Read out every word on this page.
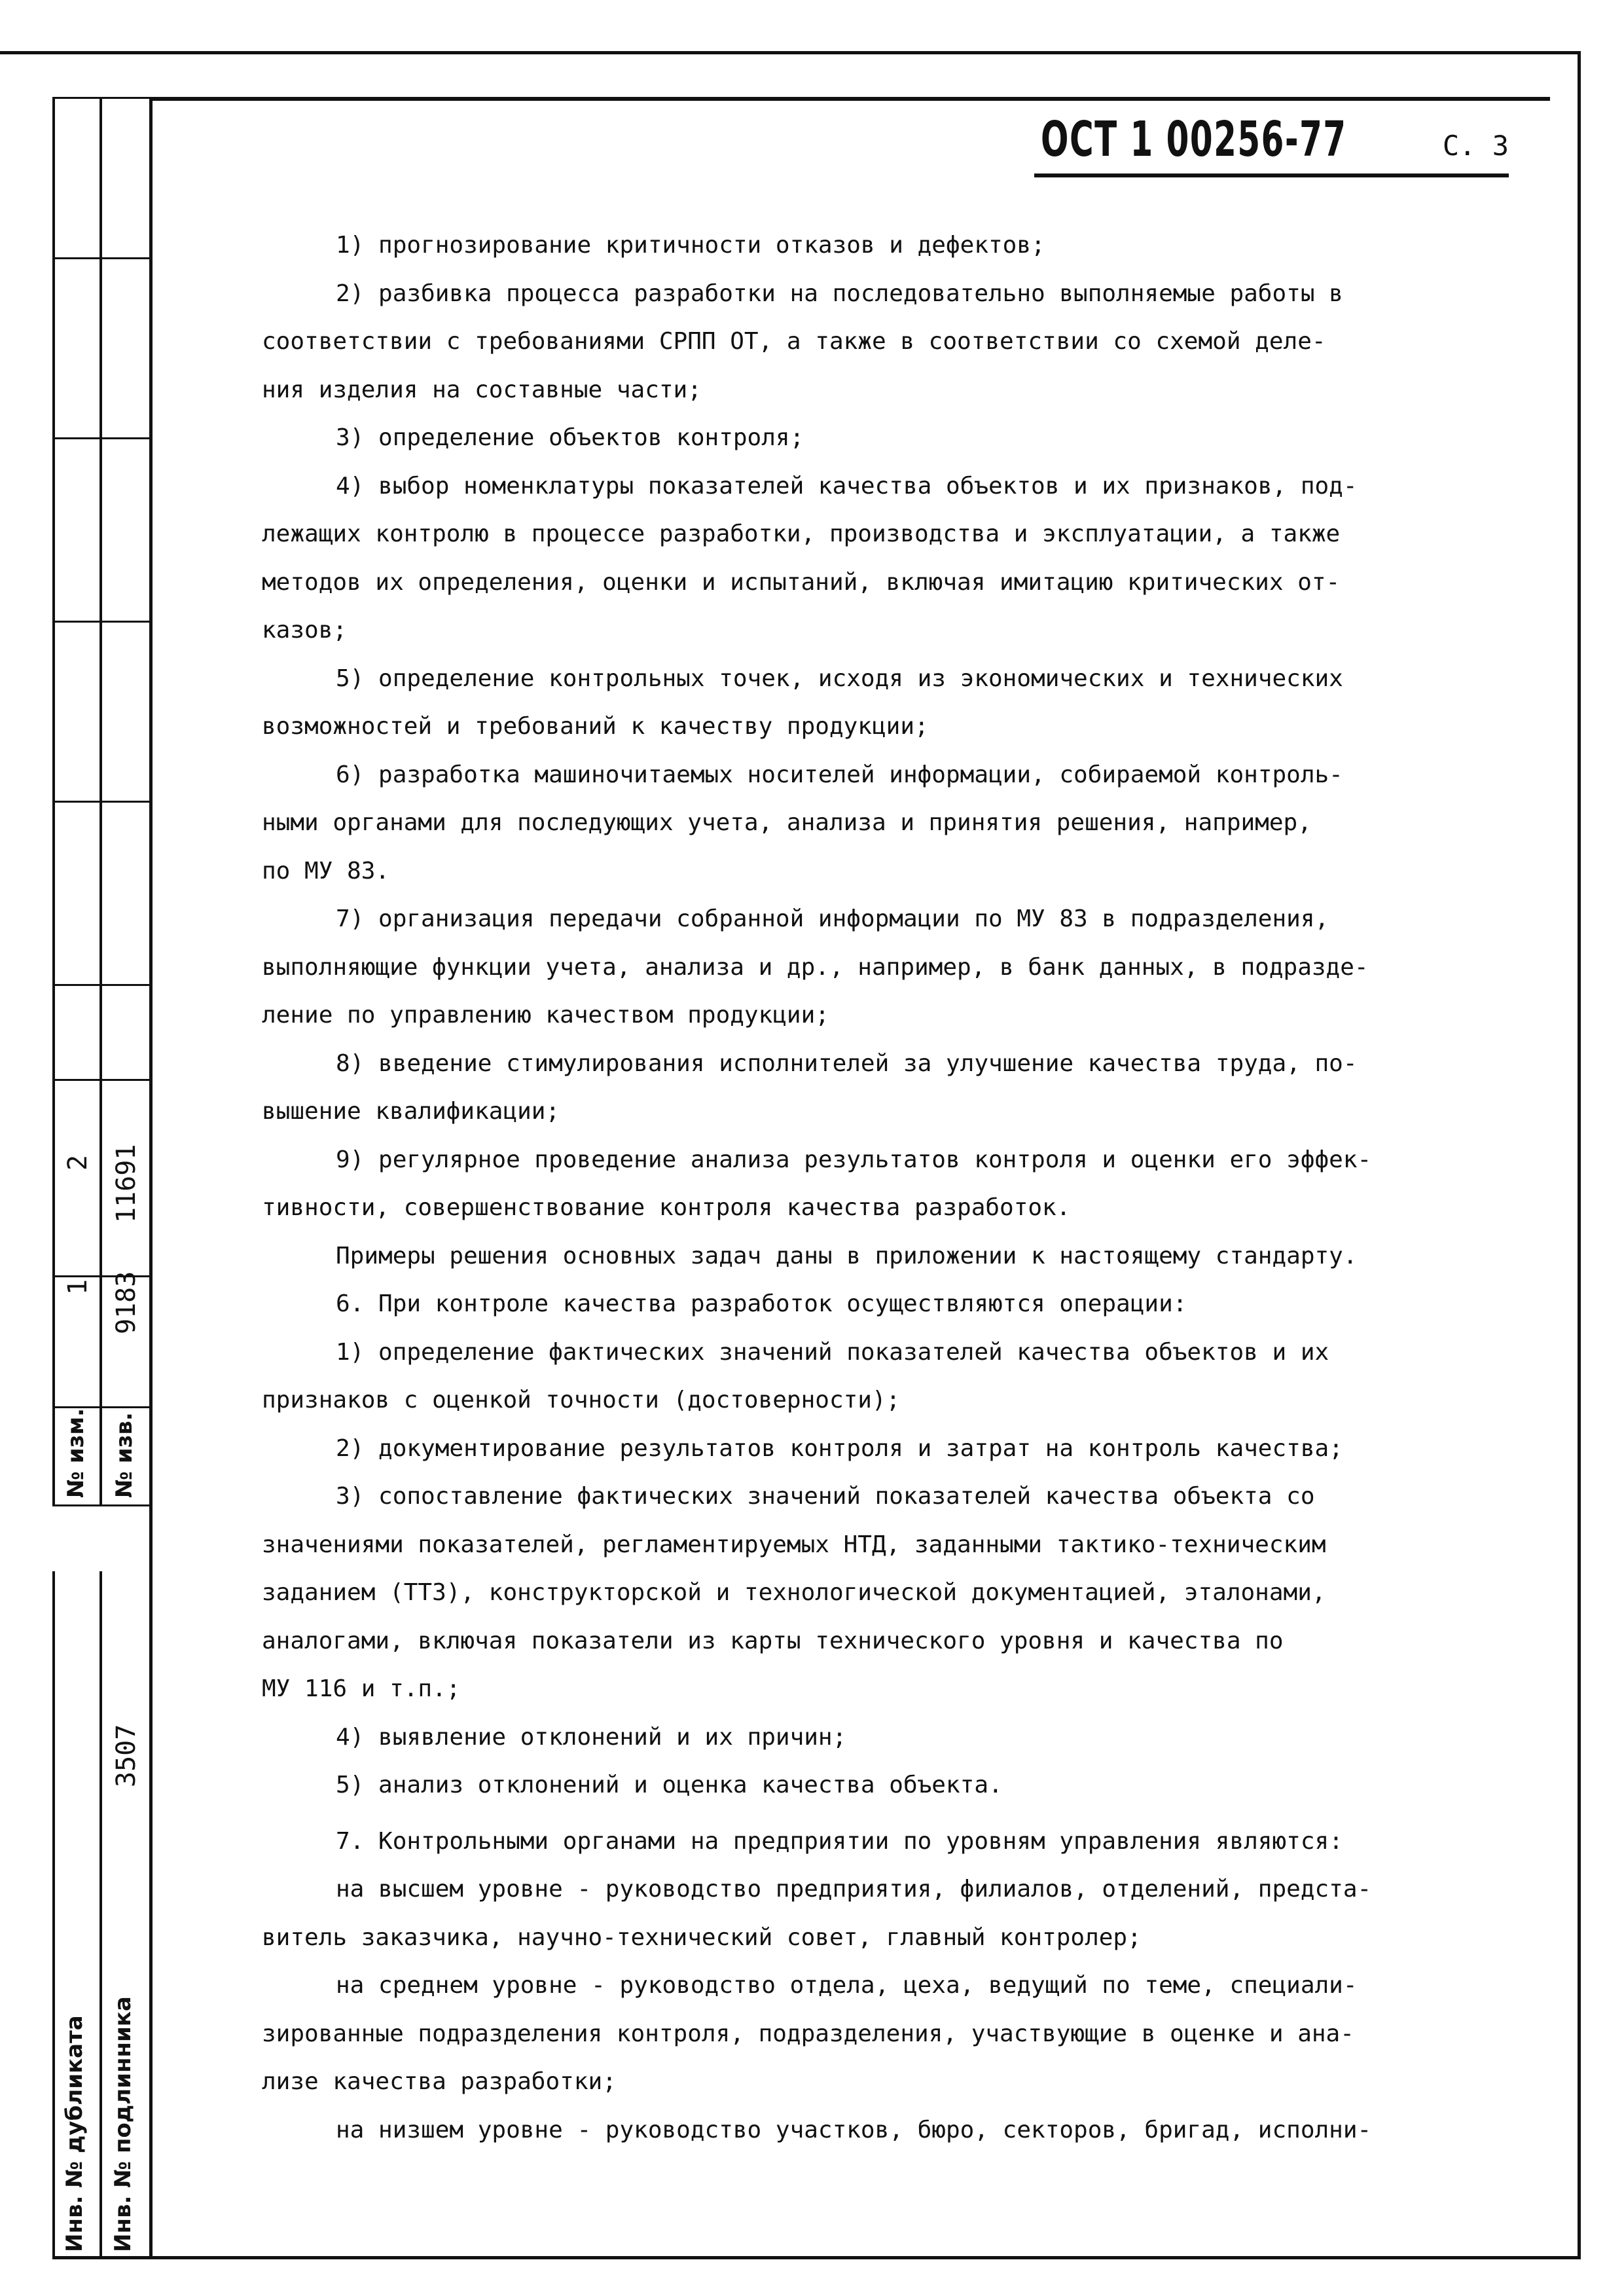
№ изм. № изв.
1 9183
2 11691
Инв. № дубликата Инв. № подлинника
3507
ОСТ 1 00256-77	С. 3

1) прогнозирование критичности отказов и дефектов;

2) разбивка процесса разработки на последовательно выполняемые работы в

соответствии с требованиями СРПП ОТ, а также в соответствии со схемой деле-

ния изделия на составные части;

3) определение объектов контроля;

4) выбор номенклатуры показателей качества объектов и их признаков, под-

лежащих контролю в процессе разработки, производства и эксплуатации, а также

методов их определения, оценки и испытаний, включая имитацию критических от-

казов;

5) определение контрольных точек, исходя из экономических и технических

возможностей и требований к качеству продукции;

6) разработка машиночитаемых носителей информации, собираемой контроль-

ными органами для последующих учета, анализа и принятия решения, например,

по МУ 83.

7) организация передачи собранной информации по МУ 83 в подразделения,

выполняющие функции учета, анализа и др., например, в банк данных, в подразде-

ление по управлению качеством продукции;

8) введение стимулирования исполнителей за улучшение качества труда, по-

вышение квалификации;

9) регулярное проведение анализа результатов контроля и оценки его эффек-

тивности, совершенствование контроля качества разработок.

Примеры решения основных задач даны в приложении к настоящему стандарту.

6. При контроле качества разработок осуществляются операции:

1) определение фактических значений показателей качества объектов и их

признаков с оценкой точности (достоверности);

2) документирование результатов контроля и затрат на контроль качества;

3) сопоставление фактических значений показателей качества объекта со

значениями показателей, регламентируемых НТД, заданными тактико-техническим

заданием (ТТЗ), конструкторской и технологической документацией, эталонами,

аналогами, включая показатели из карты технического уровня и качества по

МУ 116 и т.п.;

4) выявление отклонений и их причин;

5) анализ отклонений и оценка качества объекта.

7. Контрольными органами на предприятии по уровням управления являются:

на высшем уровне - руководство предприятия, филиалов, отделений, предста-

витель заказчика, научно-технический совет, главный контролер;

на среднем уровне - руководство отдела, цеха, ведущий по теме, специали-

зированные подразделения контроля, подразделения, участвующие в оценке и ана-

лизе качества разработки;

на низшем уровне - руководство участков, бюро, секторов, бригад, исполни-
